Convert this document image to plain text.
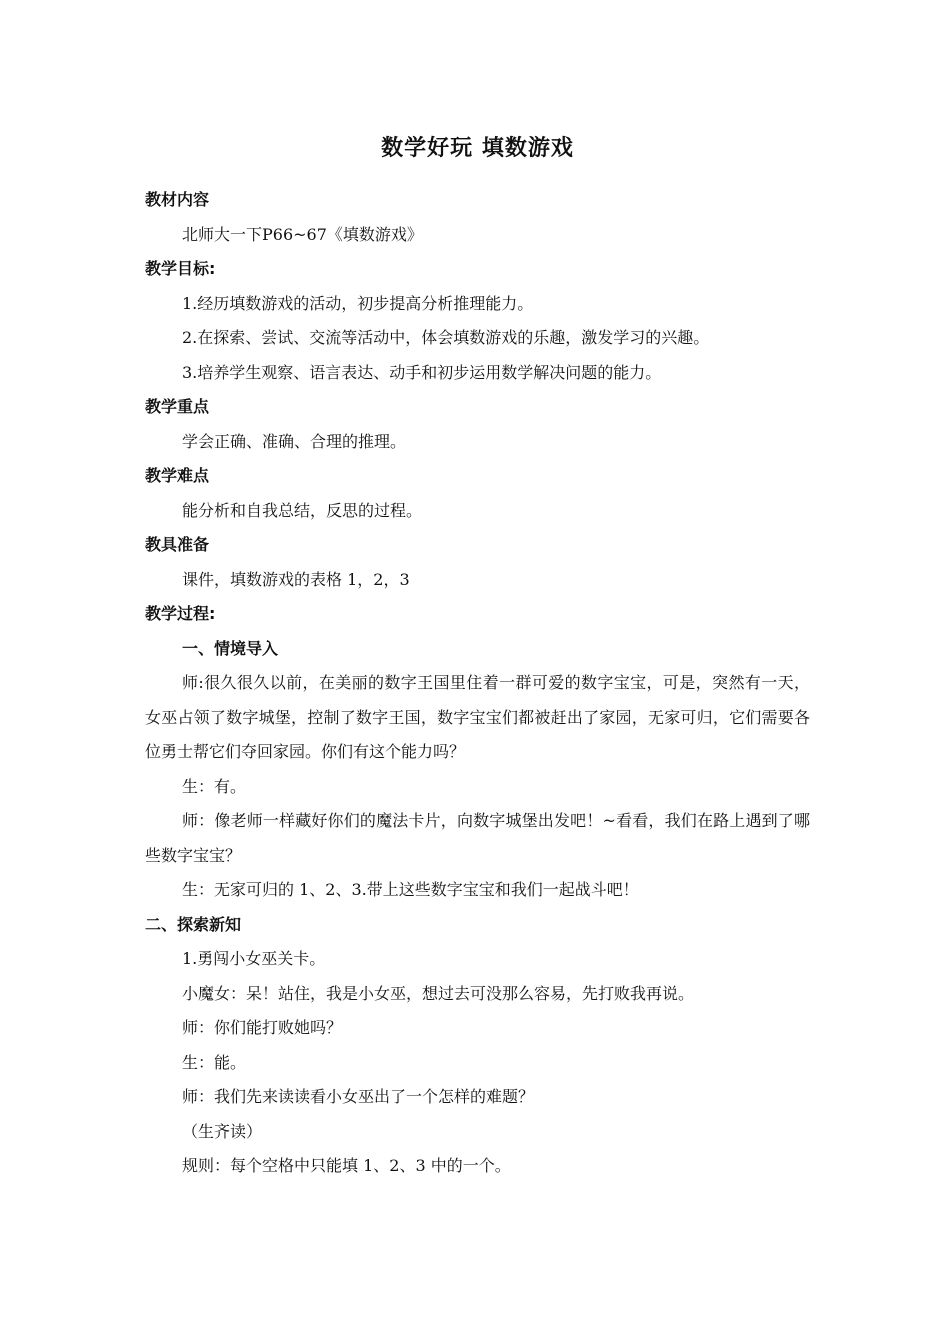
数学好玩 填数游戏
教材内容
北师大一下P66~67《填数游戏》
教学目标:
1.经历填数游戏的活动，初步提高分析推理能力。
2.在探索、尝试、交流等活动中，体会填数游戏的乐趣，激发学习的兴趣。
3.培养学生观察、语言表达、动手和初步运用数学解决问题的能力。
教学重点
学会正确、准确、合理的推理。
教学难点
能分析和自我总结，反思的过程。
教具准备
课件，填数游戏的表格 1，2，3
教学过程:
一、情境导入
师:很久很久以前，在美丽的数字王国里住着一群可爱的数字宝宝，可是，突然有一天，女巫占领了数字城堡，控制了数字王国，数字宝宝们都被赶出了家园，无家可归，它们需要各位勇士帮它们夺回家园。你们有这个能力吗？
生：有。
师：像老师一样藏好你们的魔法卡片，向数字城堡出发吧！~看看，我们在路上遇到了哪些数字宝宝？
生：无家可归的 1、2、3.带上这些数字宝宝和我们一起战斗吧！
二、探索新知
1.勇闯小女巫关卡。
小魔女：呆！站住，我是小女巫，想过去可没那么容易，先打败我再说。
师：你们能打败她吗？
生：能。
师：我们先来读读看小女巫出了一个怎样的难题？
（生齐读）
规则：每个空格中只能填 1、2、3 中的一个。
